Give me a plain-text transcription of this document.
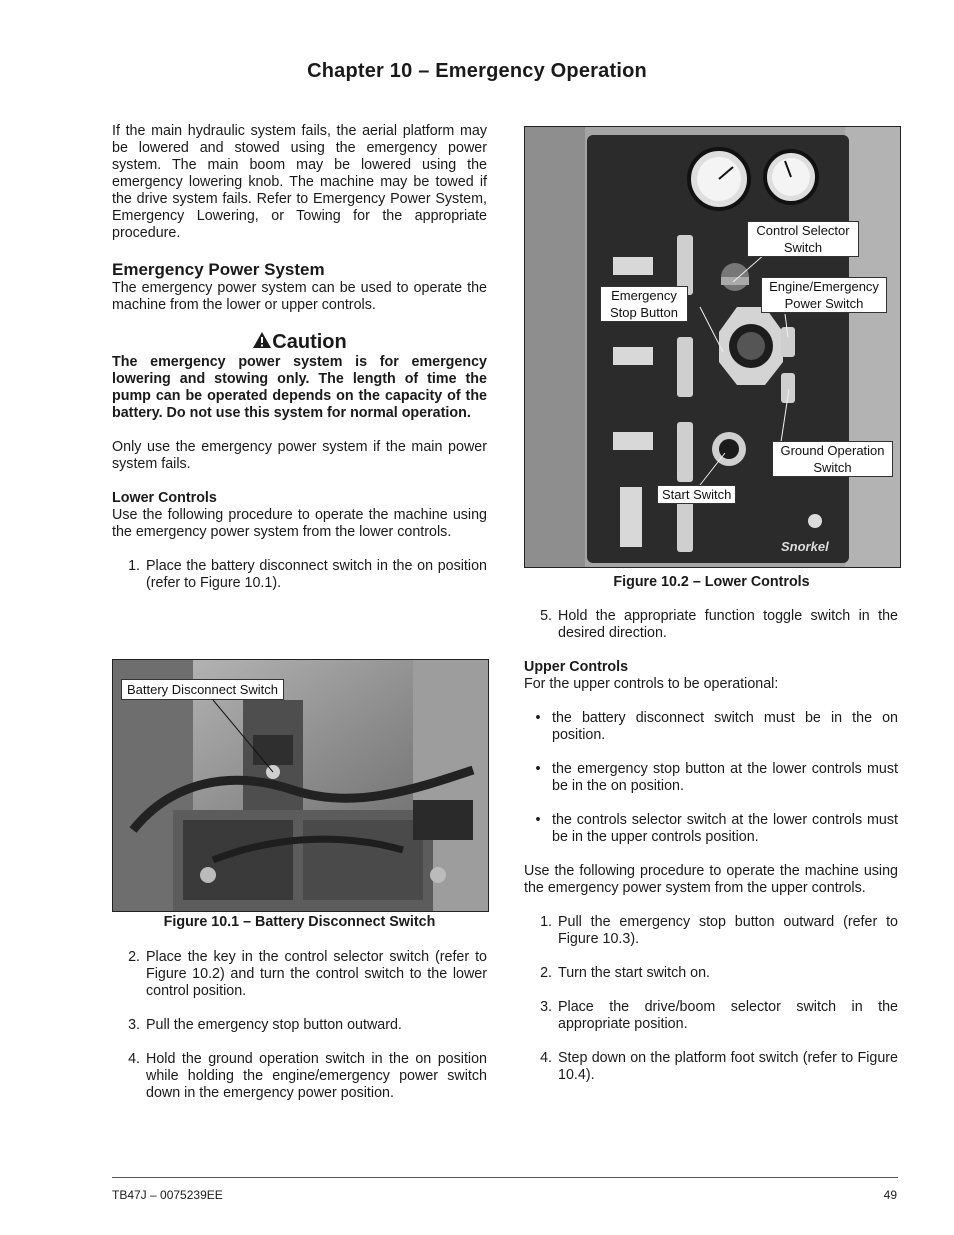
Chapter 10 – Emergency Operation

If the main hydraulic system fails, the aerial platform may be lowered and stowed using the emergency power system. The main boom may be lowered using the emergency lowering knob. The machine may be towed if the drive system fails. Refer to Emergency Power System, Emergency Lowering, or Towing for the appropriate procedure.

Emergency Power System

The emergency power system can be used to operate the machine from the lower or upper controls.

Caution

The emergency power system is for emergency lowering and stowing only. The length of time the pump can be operated depends on the capacity of the battery. Do not use this system for normal operation.

Only use the emergency power system if the main power system fails.

Lower Controls

Use the following procedure to operate the machine using the emergency power system from the lower controls.

1. Place the battery disconnect switch in the on position (refer to Figure 10.1).
Battery Disconnect Switch
Figure 10.1 – Battery Disconnect Switch
2. Place the key in the control selector switch (refer to Figure 10.2) and turn the control switch to the lower control position.
3. Pull the emergency stop button outward.
4. Hold the ground operation switch in the on position while holding the engine/emergency power switch down in the emergency power position.
Snorkel
Control Selector Switch
Engine/Emergency Power Switch
Emergency Stop Button
Ground Operation Switch
Start Switch
Figure 10.2 – Lower Controls
5. Hold the appropriate function toggle switch in the desired direction.

Upper Controls

For the upper controls to be operational:

• the battery disconnect switch must be in the on position.
• the emergency stop button at the lower controls must be in the on position.
• the controls selector switch at the lower controls must be in the upper controls position.

Use the following procedure to operate the machine using the emergency power system from the upper controls.

1. Pull the emergency stop button outward (refer to Figure 10.3).
2. Turn the start switch on.
3. Place the drive/boom selector switch in the appropriate position.
4. Step down on the platform foot switch (refer to Figure 10.4).
TB47J – 0075239EE	49
